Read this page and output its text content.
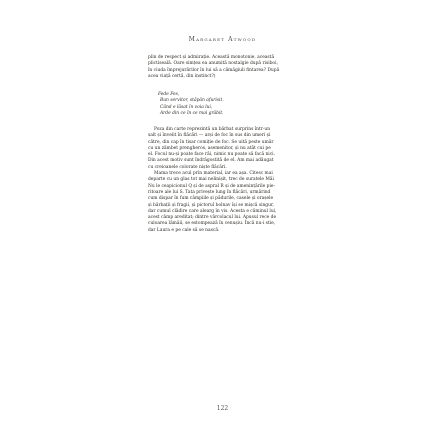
Margaret Atwood

plin de respect și admirație. Această monotonie, această

plictiseală. Oare simțea ea anumită nostalgie după risiboi,

în ciuda împrejurărilor în lui să a cămăgiuli fintarea? După

acea viață certă, din instinct?)

Fede Fes,
Bun servitor, stăpân afurisit.
Când e lăsat în voia lui,
Arde din ce în ce mai grăbit.

Poza din carte reprezintă un bărbat surprins într-un

salt și învelit în flăcări — arși de foc în sus din umeri și

către, din cap în tisar comiție de foc. Se uită peste umăr

cu un zâmbet prengheros, asemenitor, și nu atât cui pe

el. Focul nu-și poate face răi, nimic nu poate să facă nici.

Din acest motiv sunt îndrăgostită de el. Am mai adăugat

cu creioanele colorate niște flăcări.

Mama trece acul prin material, iar ea așa. Citesc mai

departe cu un glas tot mai nelinișit, trec de suratele Măi

Nu le ceapicionul Q și de aspral R și de amenințările pie-

ritoare ale lui S. Tata privește lung în flăcări, urmărind

cum dispar în fum câmpiile și pădurile, casele și orașele

și bărbații și fragii, și pictorul bolnav își se mișcă singur,

dar cumul clădire care alearg în vis. Acesta e câminul lui,

acest câmp areditat; dintre vârcolacul lui. Apusul rece de

culoarea lămâii, se estompează în cenușiu. Încă nu-i stie,

dar Laura e pe cale să se nască.

122
